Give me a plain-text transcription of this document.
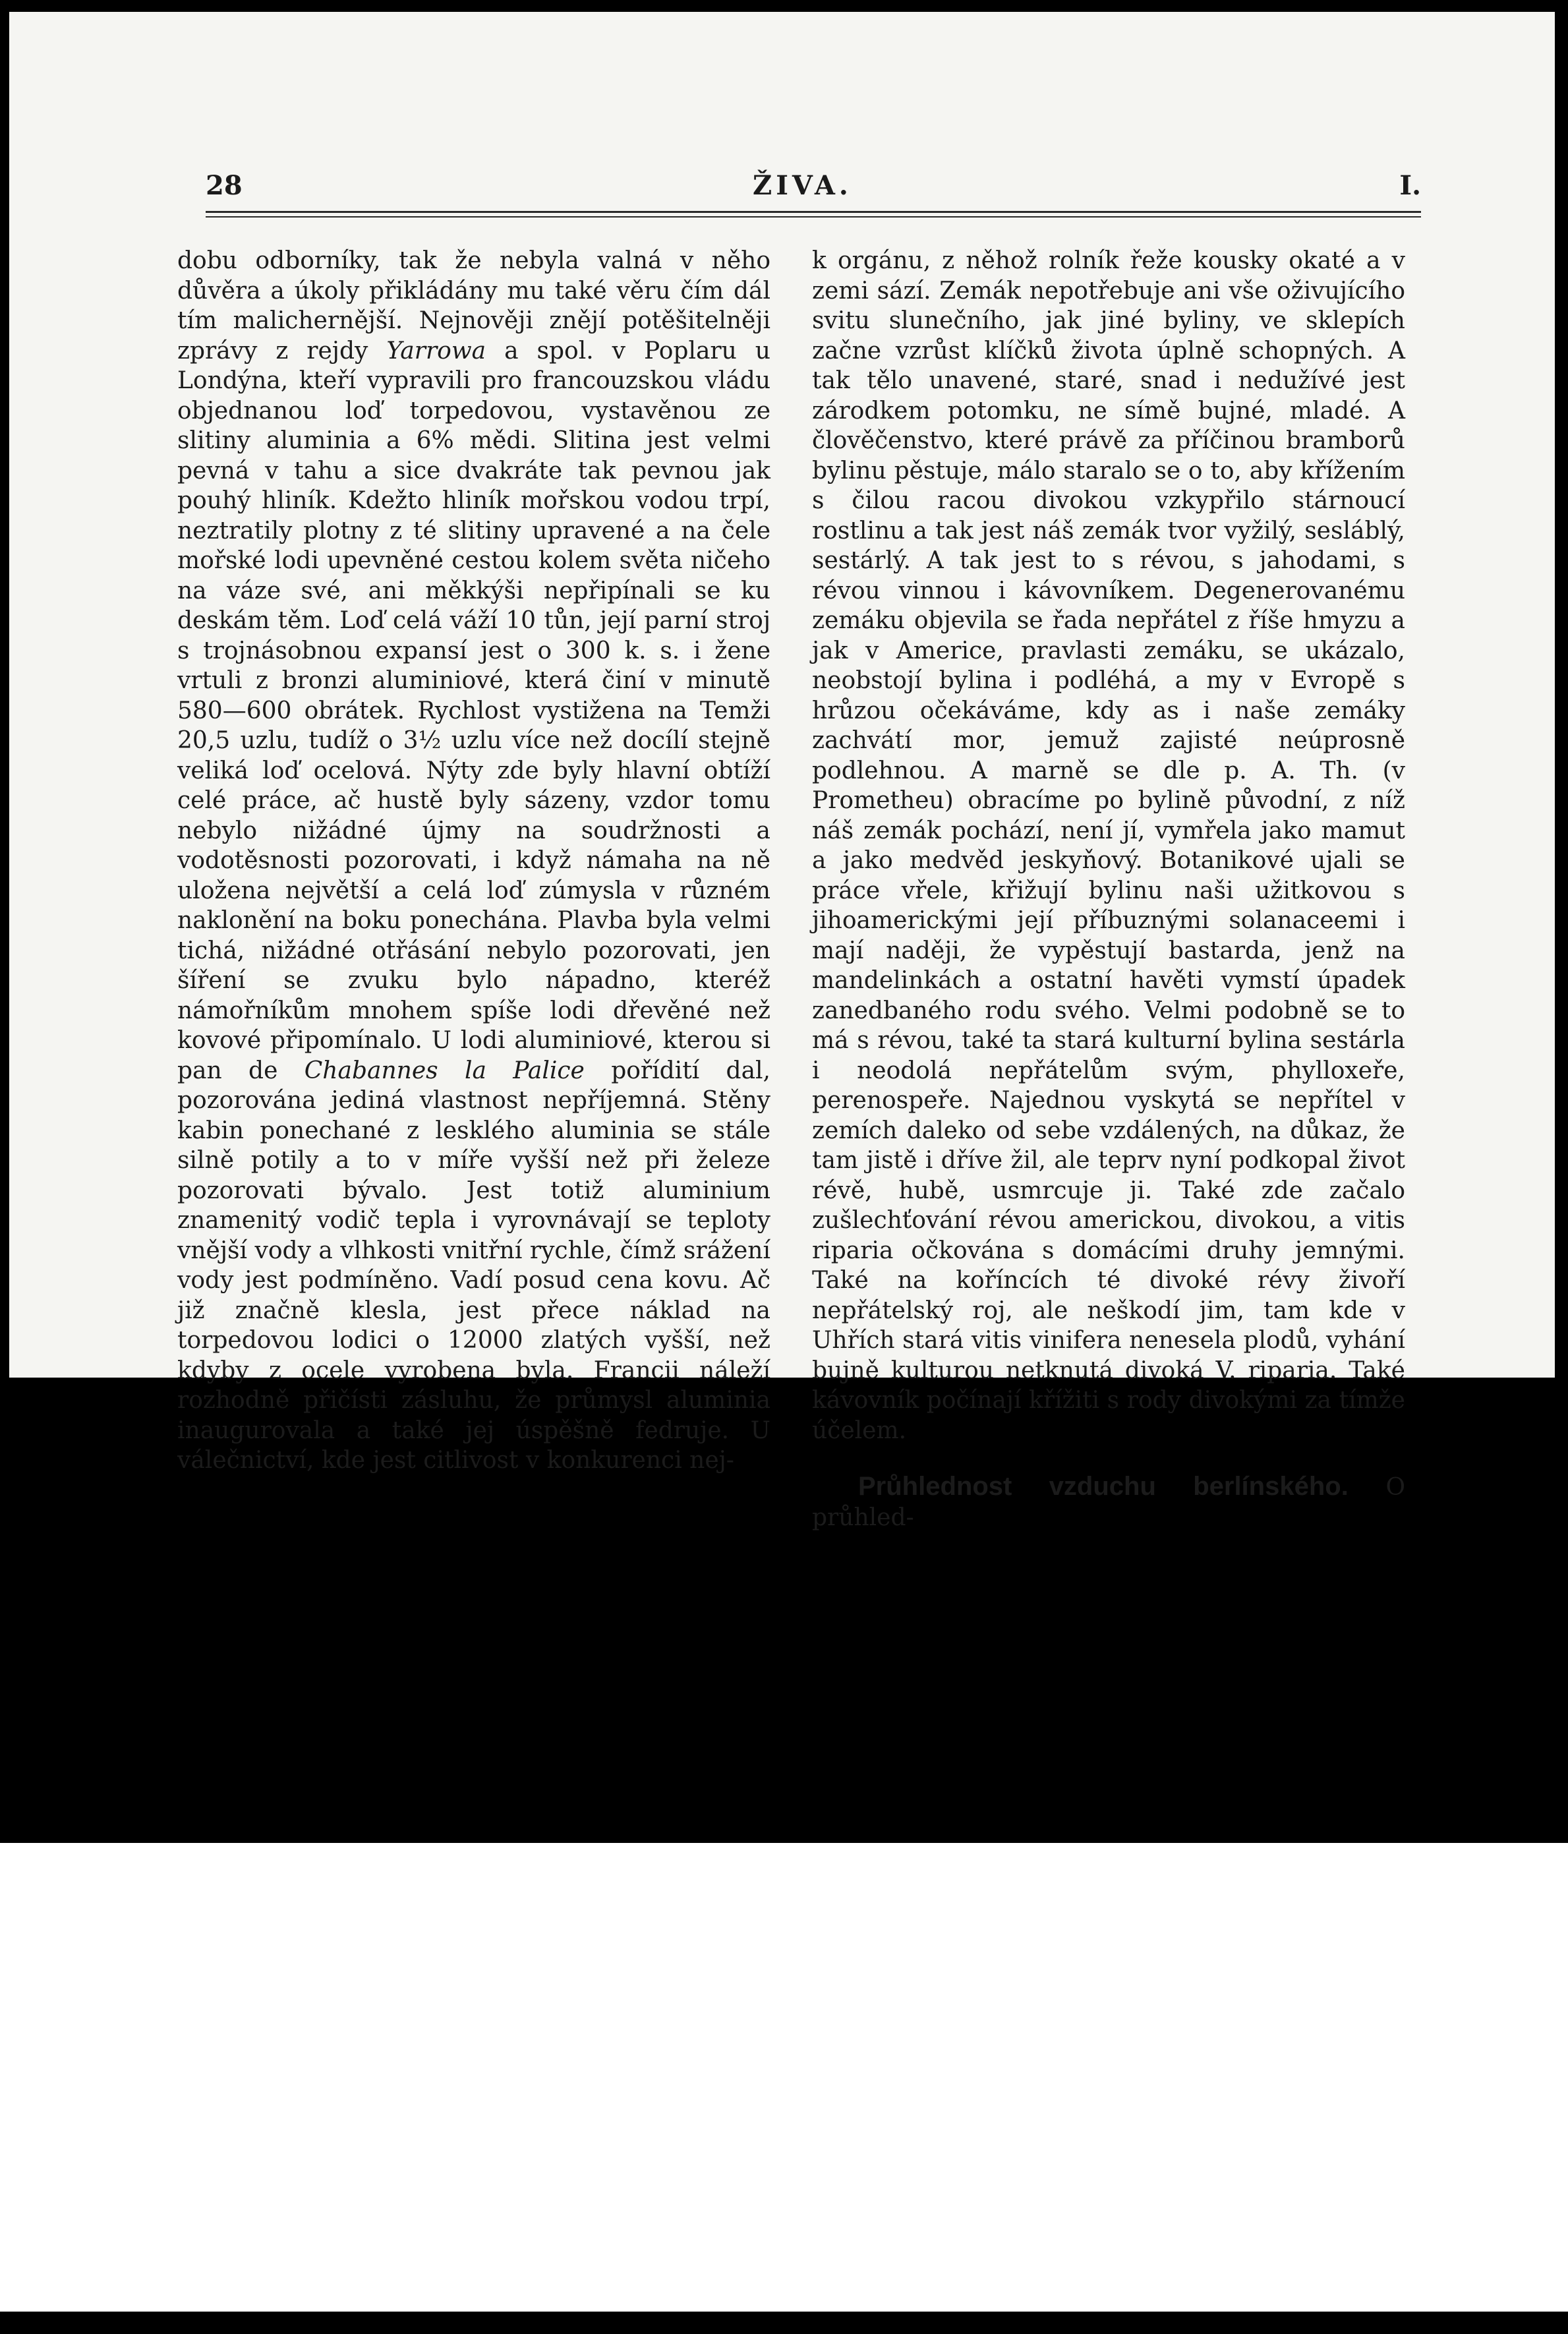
28	ŽIVA.	I.

dobu odborníky, tak že nebyla valná v něho důvěra a úkoly přikládány mu také věru čím dál tím malichernější. Nejnověji znějí potěšitelněji zprávy z rejdy Yarrowa a spol. v Poplaru u Londýna, kteří vypravili pro francouzskou vládu objednanou loď torpedovou, vystavěnou ze slitiny aluminia a 6% mědi. Slitina jest velmi pevná v tahu a sice dvakráte tak pevnou jak pouhý hliník. Kdežto hliník mořskou vodou trpí, neztratily plotny z té slitiny upravené a na čele mořské lodi upevněné cestou kolem světa ničeho na váze své, ani měkkýši nepřipínali se ku deskám těm. Loď celá váží 10 tůn, její parní stroj s trojnásobnou expansí jest o 300 k. s. i žene vrtuli z bronzi aluminiové, která činí v minutě 580—600 obrátek. Rychlost vystižena na Temži 20,5 uzlu, tudíž o 3½ uzlu více než docílí stejně veliká loď ocelová. Nýty zde byly hlavní obtíží celé práce, ač hustě byly sázeny, vzdor tomu nebylo nižádné újmy na soudržnosti a vodotěsnosti pozorovati, i když námaha na ně uložena největší a celá loď zúmysla v různém naklonění na boku ponechána. Plavba byla velmi tichá, nižádné otřásání nebylo pozorovati, jen šíření se zvuku bylo nápadno, kteréž námořníkům mnohem spíše lodi dřevěné než kovové připomínalo. U lodi aluminiové, kterou si pan de Chabannes la Palice pořídití dal, pozorována jediná vlastnost nepříjemná. Stěny kabin ponechané z lesklého aluminia se stále silně potily a to v míře vyšší než při železe pozorovati bývalo. Jest totiž aluminium znamenitý vodič tepla i vyrovnávají se teploty vnější vody a vlhkosti vnitřní rychle, čímž srážení vody jest podmíněno. Vadí posud cena kovu. Ač již značně klesla, jest přece náklad na torpedovou lodici o 12000 zlatých vyšší, než kdyby z ocele vyrobena byla. Francii náleží rozhodně přičísti zásluhu, že průmysl aluminia inaugurovala a také jej úspěšně fedruje. U válečnictví, kde jest citlivost v konkurenci nej-

k orgánu, z něhož rolník řeže kousky okaté a v zemi sází. Zemák nepotřebuje ani vše oživujícího svitu slunečního, jak jiné byliny, ve sklepích začne vzrůst klíčků života úplně schopných. A tak tělo unavené, staré, snad i nedužívé jest zárodkem potomku, ne símě bujné, mladé. A člověčenstvo, které právě za příčinou bramborů bylinu pěstuje, málo staralo se o to, aby křížením s čilou racou divokou vzkypřilo stárnoucí rostlinu a tak jest náš zemák tvor vyžilý, sesláblý, sestárlý. A tak jest to s révou, s jahodami, s révou vinnou i kávovníkem. Degenerovanému zemáku objevila se řada nepřátel z říše hmyzu a jak v Americe, pravlasti zemáku, se ukázalo, neobstojí bylina i podléhá, a my v Evropě s hrůzou očekáváme, kdy as i naše zemáky zachvátí mor, jemuž zajisté neúprosně podlehnou. A marně se dle p. A. Th. (v Prometheu) obracíme po bylině původní, z níž náš zemák pochází, není jí, vymřela jako mamut a jako medvěd jeskyňový. Botanikové ujali se práce vřele, křižují bylinu naši užitkovou s jihoamerickými její příbuznými solanaceemi i mají naději, že vypěstují bastarda, jenž na mandelinkách a ostatní havěti vymstí úpadek zanedbaného rodu svého. Velmi podobně se to má s révou, také ta stará kulturní bylina sestárla i neodolá nepřátelům svým, phylloxeře, perenospeře. Najednou vyskytá se nepřítel v zemích daleko od sebe vzdálených, na důkaz, že tam jistě i dříve žil, ale teprv nyní podkopal život révě, hubě, usmrcuje ji. Také zde začalo zušlechťování révou americkou, divokou, a vitis riparia očkována s domácími druhy jemnými. Také na koříncích té divoké révy živoří nepřátelský roj, ale neškodí jim, tam kde v Uhřích stará vitis vinifera nenesela plodů, vyhání bujně kulturou netknutá divoká V. riparia. Také kávovník počínají křížiti s rody divokými za tímže účelem.

Průhlednost vzduchu berlínského. O průhled-
